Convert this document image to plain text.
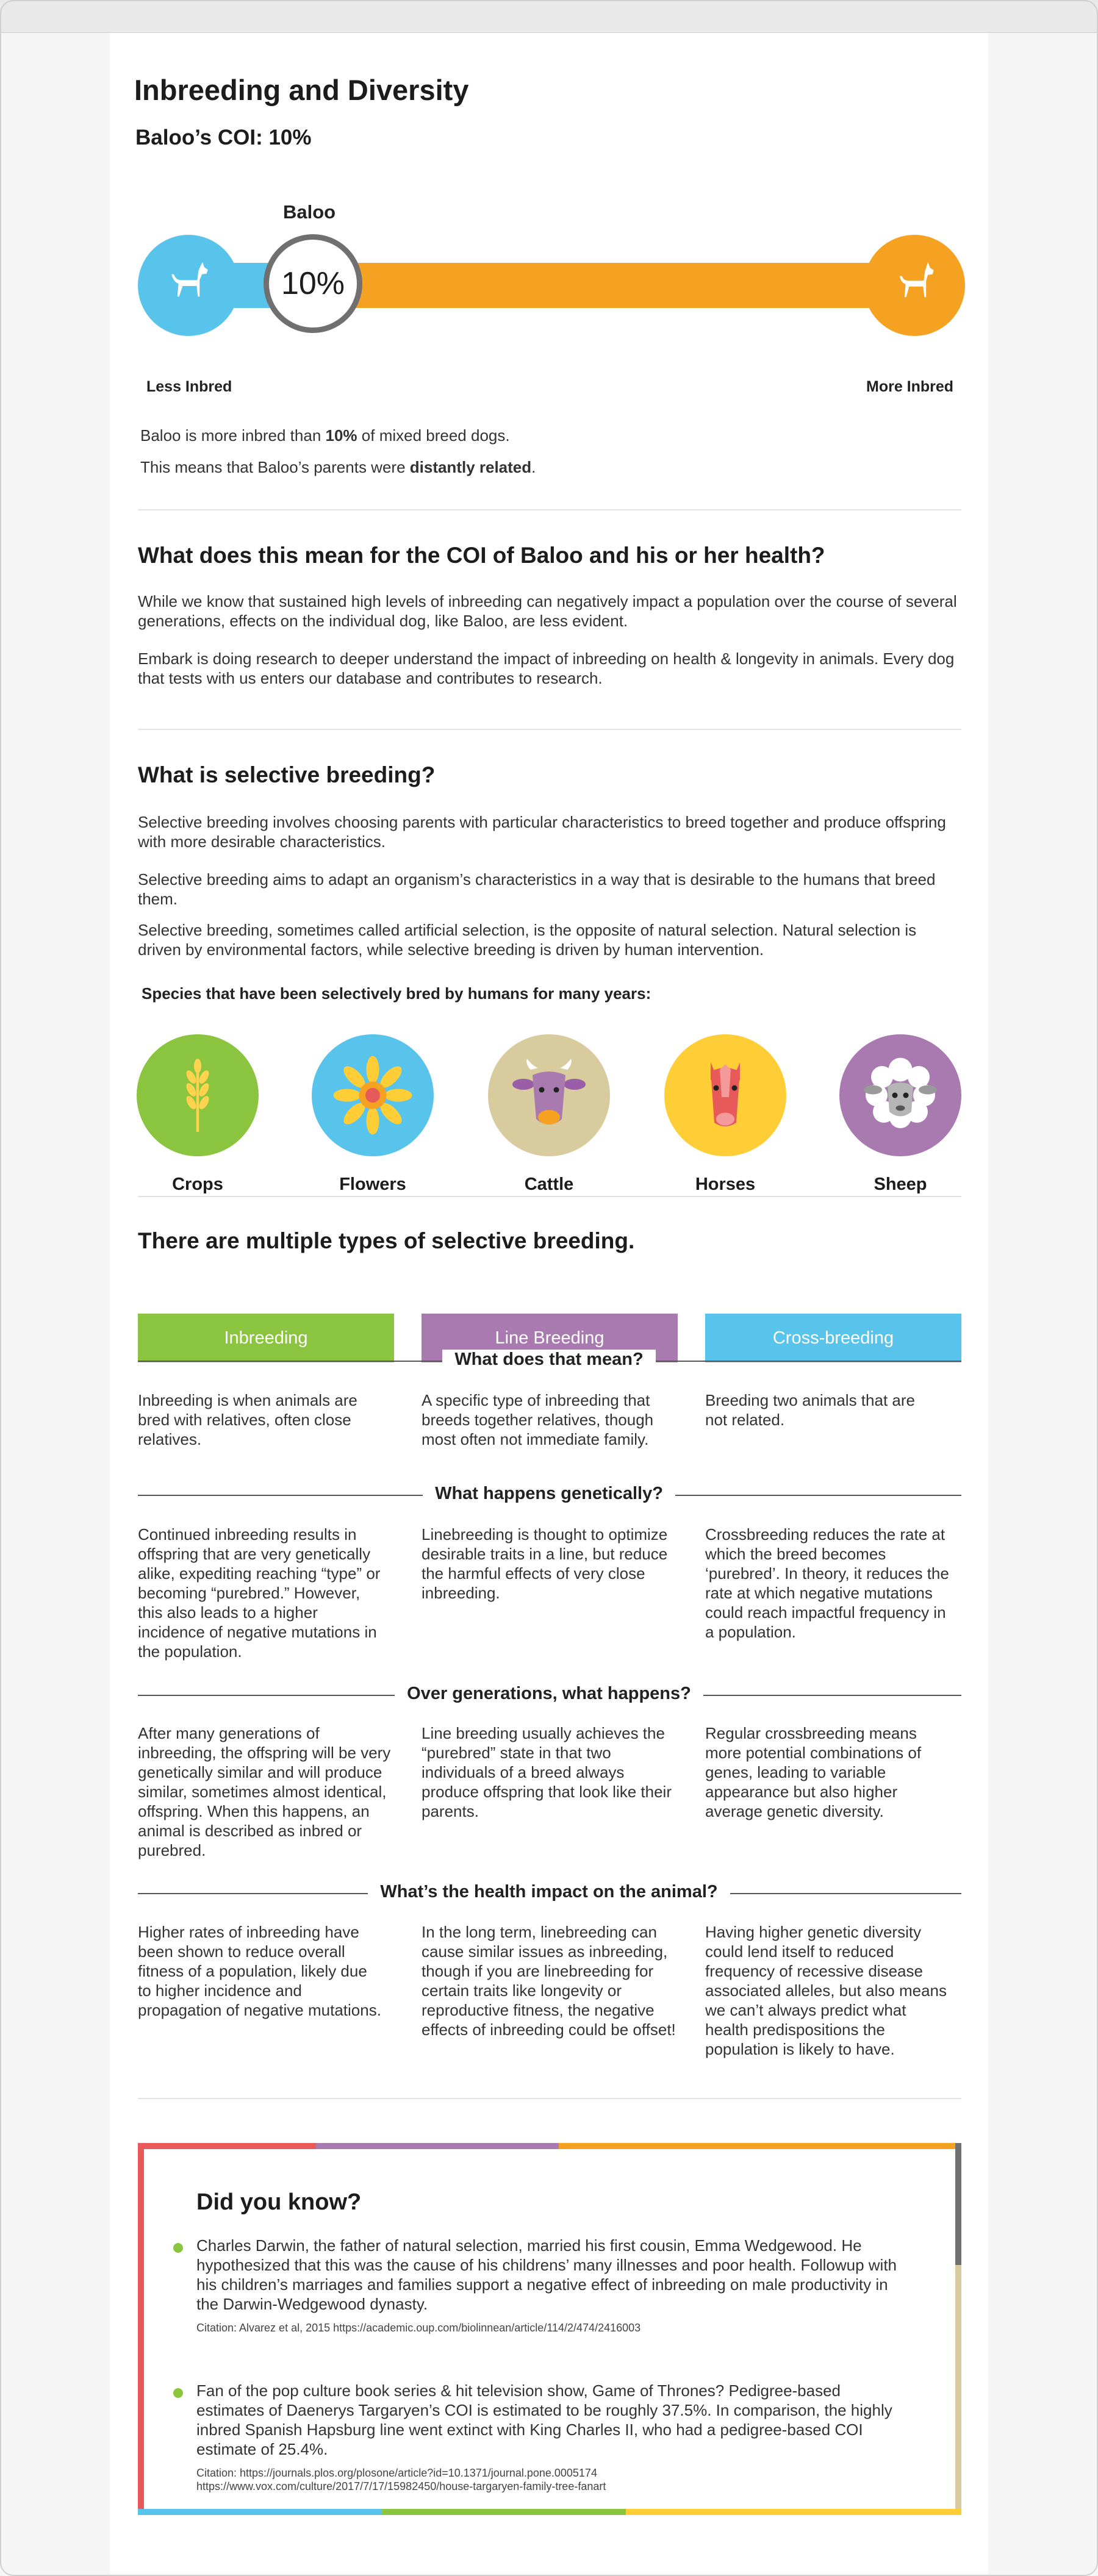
Inbreeding and Diversity
Baloo’s COI: 10%
Baloo
10%
Less Inbred	More Inbred
Baloo is more inbred than 10% of mixed breed dogs.
This means that Baloo’s parents were distantly related.
What does this mean for the COI of Baloo and his or her health?
While we know that sustained high levels of inbreeding can negatively impact a population over the course of several generations, effects on the individual dog, like Baloo, are less evident.
Embark is doing research to deeper understand the impact of inbreeding on health & longevity in animals. Every dog that tests with us enters our database and contributes to research.
What is selective breeding?
Selective breeding involves choosing parents with particular characteristics to breed together and produce offspring with more desirable characteristics.
Selective breeding aims to adapt an organism’s characteristics in a way that is desirable to the humans that breed them.
Selective breeding, sometimes called artificial selection, is the opposite of natural selection. Natural selection is driven by environmental factors, while selective breeding is driven by human intervention.
Species that have been selectively bred by humans for many years:
Crops	Flowers	Cattle	Horses	Sheep
There are multiple types of selective breeding.
Inbreeding	Line Breeding	Cross-breeding
What does that mean?
Inbreeding is when animals are bred with relatives, often close relatives.
A specific type of inbreeding that breeds together relatives, though most often not immediate family.
Breeding two animals that are not related.
What happens genetically?
Continued inbreeding results in offspring that are very genetically alike, expediting reaching “type” or becoming “purebred.” However, this also leads to a higher incidence of negative mutations in the population.
Linebreeding is thought to optimize desirable traits in a line, but reduce the harmful effects of very close inbreeding.
Crossbreeding reduces the rate at which the breed becomes ‘purebred’. In theory, it reduces the rate at which negative mutations could reach impactful frequency in a population.
Over generations, what happens?
After many generations of inbreeding, the offspring will be very genetically similar and will produce similar, sometimes almost identical, offspring. When this happens, an animal is described as inbred or purebred.
Line breeding usually achieves the “purebred” state in that two individuals of a breed always produce offspring that look like their parents.
Regular crossbreeding means more potential combinations of genes, leading to variable appearance but also higher average genetic diversity.
What’s the health impact on the animal?
Higher rates of inbreeding have been shown to reduce overall fitness of a population, likely due to higher incidence and propagation of negative mutations.
In the long term, linebreeding can cause similar issues as inbreeding, though if you are linebreeding for certain traits like longevity or reproductive fitness, the negative effects of inbreeding could be offset!
Having higher genetic diversity could lend itself to reduced frequency of recessive disease associated alleles, but also means we can’t always predict what health predispositions the population is likely to have.
Did you know?
Charles Darwin, the father of natural selection, married his first cousin, Emma Wedgewood. He hypothesized that this was the cause of his childrens’ many illnesses and poor health. Followup with his children’s marriages and families support a negative effect of inbreeding on male productivity in the Darwin-Wedgewood dynasty.
Citation: Alvarez et al, 2015 https://academic.oup.com/biolinnean/article/114/2/474/2416003
Fan of the pop culture book series & hit television show, Game of Thrones? Pedigree-based estimates of Daenerys Targaryen’s COI is estimated to be roughly 37.5%. In comparison, the highly inbred Spanish Hapsburg line went extinct with King Charles II, who had a pedigree-based COI estimate of 25.4%.
Citation: https://journals.plos.org/plosone/article?id=10.1371/journal.pone.0005174
https://www.vox.com/culture/2017/7/17/15982450/house-targaryen-family-tree-fanart
